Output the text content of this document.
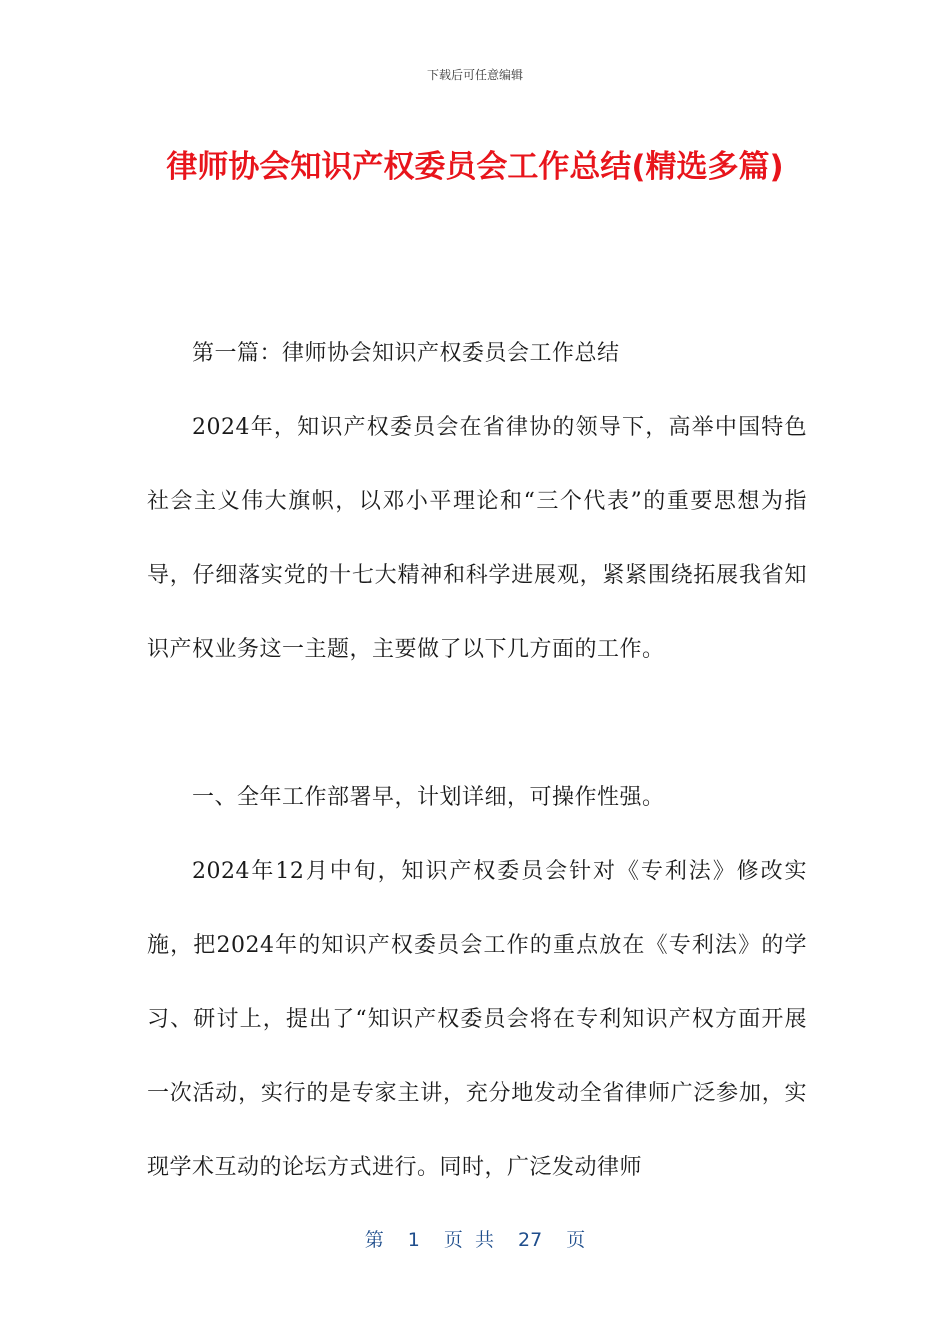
下载后可任意编辑
律师协会知识产权委员会工作总结(精选多篇)

第一篇：律师协会知识产权委员会工作总结

2024年，知识产权委员会在省律协的领导下，高举中国特色社会主义伟大旗帜，以邓小平理论和“三个代表”的重要思想为指导，仔细落实党的十七大精神和科学进展观，紧紧围绕拓展我省知识产权业务这一主题，主要做了以下几方面的工作。

一、全年工作部署早，计划详细，可操作性强。

2024年12月中旬，知识产权委员会针对《专利法》修改实施，把2024年的知识产权委员会工作的重点放在《专利法》的学习、研讨上，提出了“知识产权委员会将在专利知识产权方面开展一次活动，实行的是专家主讲，充分地发动全省律师广泛参加，实现学术互动的论坛方式进行。同时，广泛发动律师

第 1 页 共 27 页
